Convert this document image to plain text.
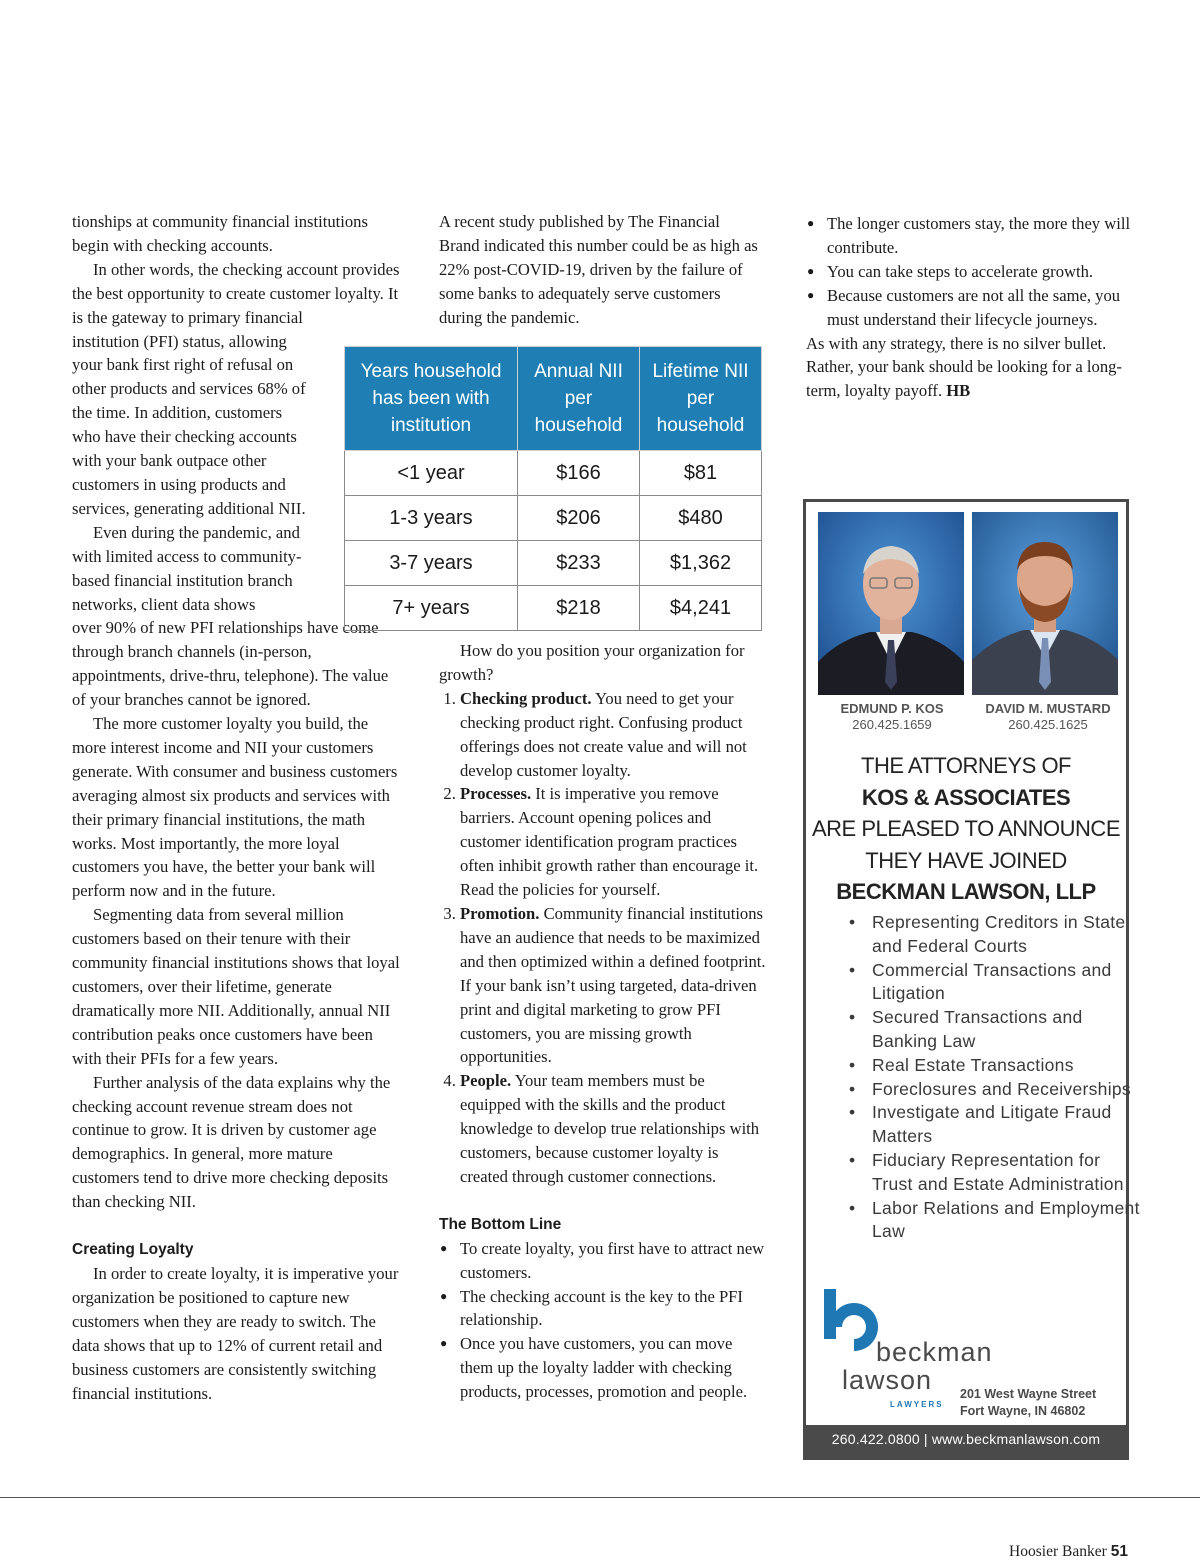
tionships at community financial institutions begin with checking accounts.

In other words, the checking account provides the best opportunity to create customer loyalty. It is the gateway to primary financial

institution (PFI) status, allowing your bank first right of refusal on other products and services 68% of the time. In addition, customers who have their checking accounts with your bank outpace other customers in using products and services, generating additional NII.

Even during the pandemic, and with limited access to community-based financial institution branch networks, client data shows

over 90% of new PFI relationships have come through branch channels (in-person, appointments, drive-thru, telephone). The value of your branches cannot be ignored.

The more customer loyalty you build, the more interest income and NII your customers generate. With consumer and business customers averaging almost six products and services with their primary financial institutions, the math works. Most importantly, the more loyal customers you have, the better your bank will perform now and in the future.

Segmenting data from several million customers based on their tenure with their community financial institutions shows that loyal customers, over their lifetime, generate dramatically more NII. Additionally, annual NII contribution peaks once customers have been with their PFIs for a few years.

Further analysis of the data explains why the checking account revenue stream does not continue to grow. It is driven by customer age demographics. In general, more mature customers tend to drive more checking deposits than checking NII.

Creating Loyalty

In order to create loyalty, it is imperative your organization be positioned to capture new customers when they are ready to switch. The data shows that up to 12% of current retail and business customers are consistently switching financial institutions.

A recent study published by The Financial Brand indicated this number could be as high as 22% post-COVID-19, driven by the failure of some banks to adequately serve customers during the pandemic.

Years household has been with institution	Annual NII per household	Lifetime NII per household
<1 year	$166	$81
1-3 years	$206	$480
3-7 years	$233	$1,362
7+ years	$218	$4,241

How do you position your organization for growth?

1. Checking product. You need to get your checking product right. Confusing product offerings does not create value and will not develop customer loyalty.
2. Processes. It is imperative you remove barriers. Account opening polices and customer identification program practices often inhibit growth rather than encourage it. Read the policies for yourself.
3. Promotion. Community financial institutions have an audience that needs to be maximized and then optimized within a defined footprint. If your bank isn’t using targeted, data-driven print and digital marketing to grow PFI customers, you are missing growth opportunities.
4. People. Your team members must be equipped with the skills and the product knowledge to develop true relationships with customers, because customer loyalty is created through customer connections.

The Bottom Line

● To create loyalty, you first have to attract new customers.
● The checking account is the key to the PFI relationship.
● Once you have customers, you can move them up the loyalty ladder with checking products, processes, promotion and people.
● The longer customers stay, the more they will contribute.
● You can take steps to accelerate growth.
● Because customers are not all the same, you must understand their lifecycle journeys.

As with any strategy, there is no silver bullet. Rather, your bank should be looking for a long-term, loyalty payoff. HB

EDMUND P. KOS
260.425.1659
DAVID M. MUSTARD
260.425.1625
THE ATTORNEYS OF
KOS & ASSOCIATES
ARE PLEASED TO ANNOUNCE
THEY HAVE JOINED
BECKMAN LAWSON, LLP
• Representing Creditors in State and Federal Courts
• Commercial Transactions and Litigation
• Secured Transactions and Banking Law
• Real Estate Transactions
• Foreclosures and Receiverships
• Investigate and Litigate Fraud Matters
• Fiduciary Representation for Trust and Estate Administration
• Labor Relations and Employment Law
beckman
lawson
LAWYERS
201 West Wayne Street
Fort Wayne, IN 46802
260.422.0800 | www.beckmanlawson.com
Hoosier Banker 51
